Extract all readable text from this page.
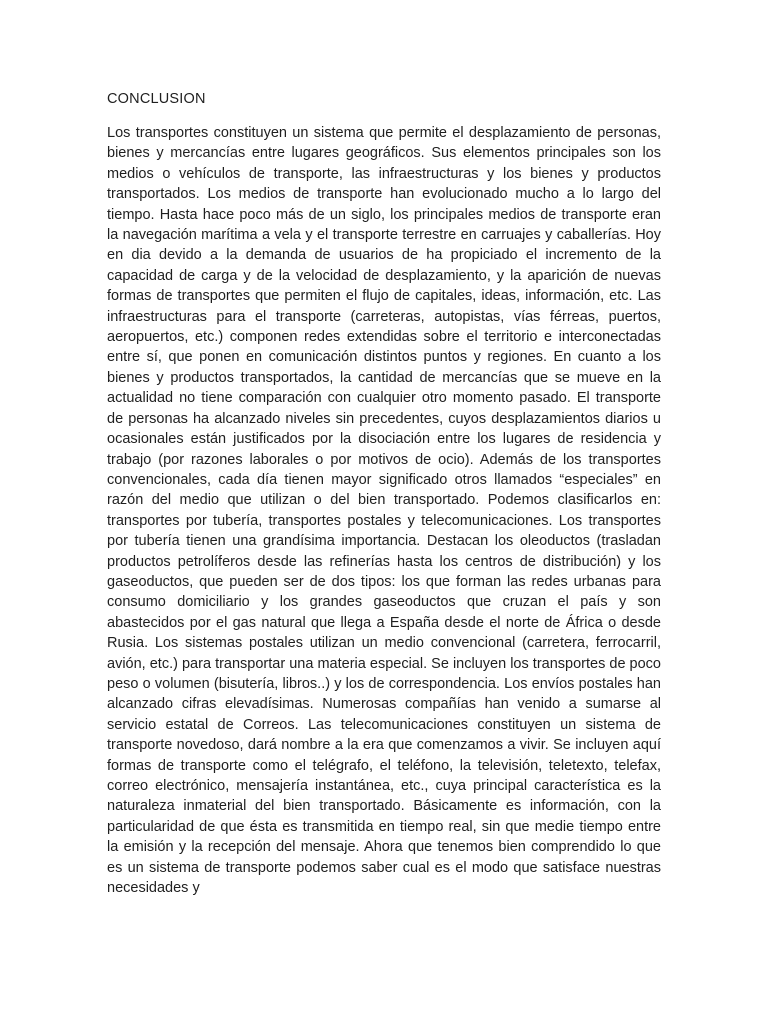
CONCLUSION

Los transportes constituyen un sistema que permite el desplazamiento de personas, bienes y mercancías entre lugares geográficos. Sus elementos principales son los medios o vehículos de transporte, las infraestructuras y los bienes y productos transportados. Los medios de transporte han evolucionado mucho a lo largo del tiempo. Hasta hace poco más de un siglo, los principales medios de transporte eran la navegación marítima a vela y el transporte terrestre en carruajes y caballerías. Hoy en dia devido a la demanda de usuarios de ha propiciado el incremento de la capacidad de carga y de la velocidad de desplazamiento, y la aparición de nuevas formas de transportes que permiten el flujo de capitales, ideas, información, etc. Las infraestructuras para el transporte (carreteras, autopistas, vías férreas, puertos, aeropuertos, etc.) componen redes extendidas sobre el territorio e interconectadas entre sí, que ponen en comunicación distintos puntos y regiones. En cuanto a los bienes y productos transportados, la cantidad de mercancías que se mueve en la actualidad no tiene comparación con cualquier otro momento pasado. El transporte de personas ha alcanzado niveles sin precedentes, cuyos desplazamientos diarios u ocasionales están justificados por la disociación entre los lugares de residencia y trabajo (por razones laborales o por motivos de ocio). Además de los transportes convencionales, cada día tienen mayor significado otros llamados “especiales” en razón del medio que utilizan o del bien transportado. Podemos clasificarlos en: transportes por tubería, transportes postales y telecomunicaciones. Los transportes por tubería tienen una grandísima importancia. Destacan los oleoductos (trasladan productos petrolíferos desde las refinerías hasta los centros de distribución) y los gaseoductos, que pueden ser de dos tipos: los que forman las redes urbanas para consumo domiciliario y los grandes gaseoductos que cruzan el país y son abastecidos por el gas natural que llega a España desde el norte de África o desde Rusia. Los sistemas postales utilizan un medio convencional (carretera, ferrocarril, avión, etc.) para transportar una materia especial. Se incluyen los transportes de poco peso o volumen (bisutería, libros..) y los de correspondencia. Los envíos postales han alcanzado cifras elevadísimas. Numerosas compañías han venido a sumarse al servicio estatal de Correos. Las telecomunicaciones constituyen un sistema de transporte novedoso, dará nombre a la era que comenzamos a vivir. Se incluyen aquí formas de transporte como el telégrafo, el teléfono, la televisión, teletexto, telefax, correo electrónico, mensajería instantánea, etc., cuya principal característica es la naturaleza inmaterial del bien transportado. Básicamente es información, con la particularidad de que ésta es transmitida en tiempo real, sin que medie tiempo entre la emisión y la recepción del mensaje. Ahora que tenemos bien comprendido lo que es un sistema de transporte podemos saber cual es el modo que satisface nuestras necesidades y
